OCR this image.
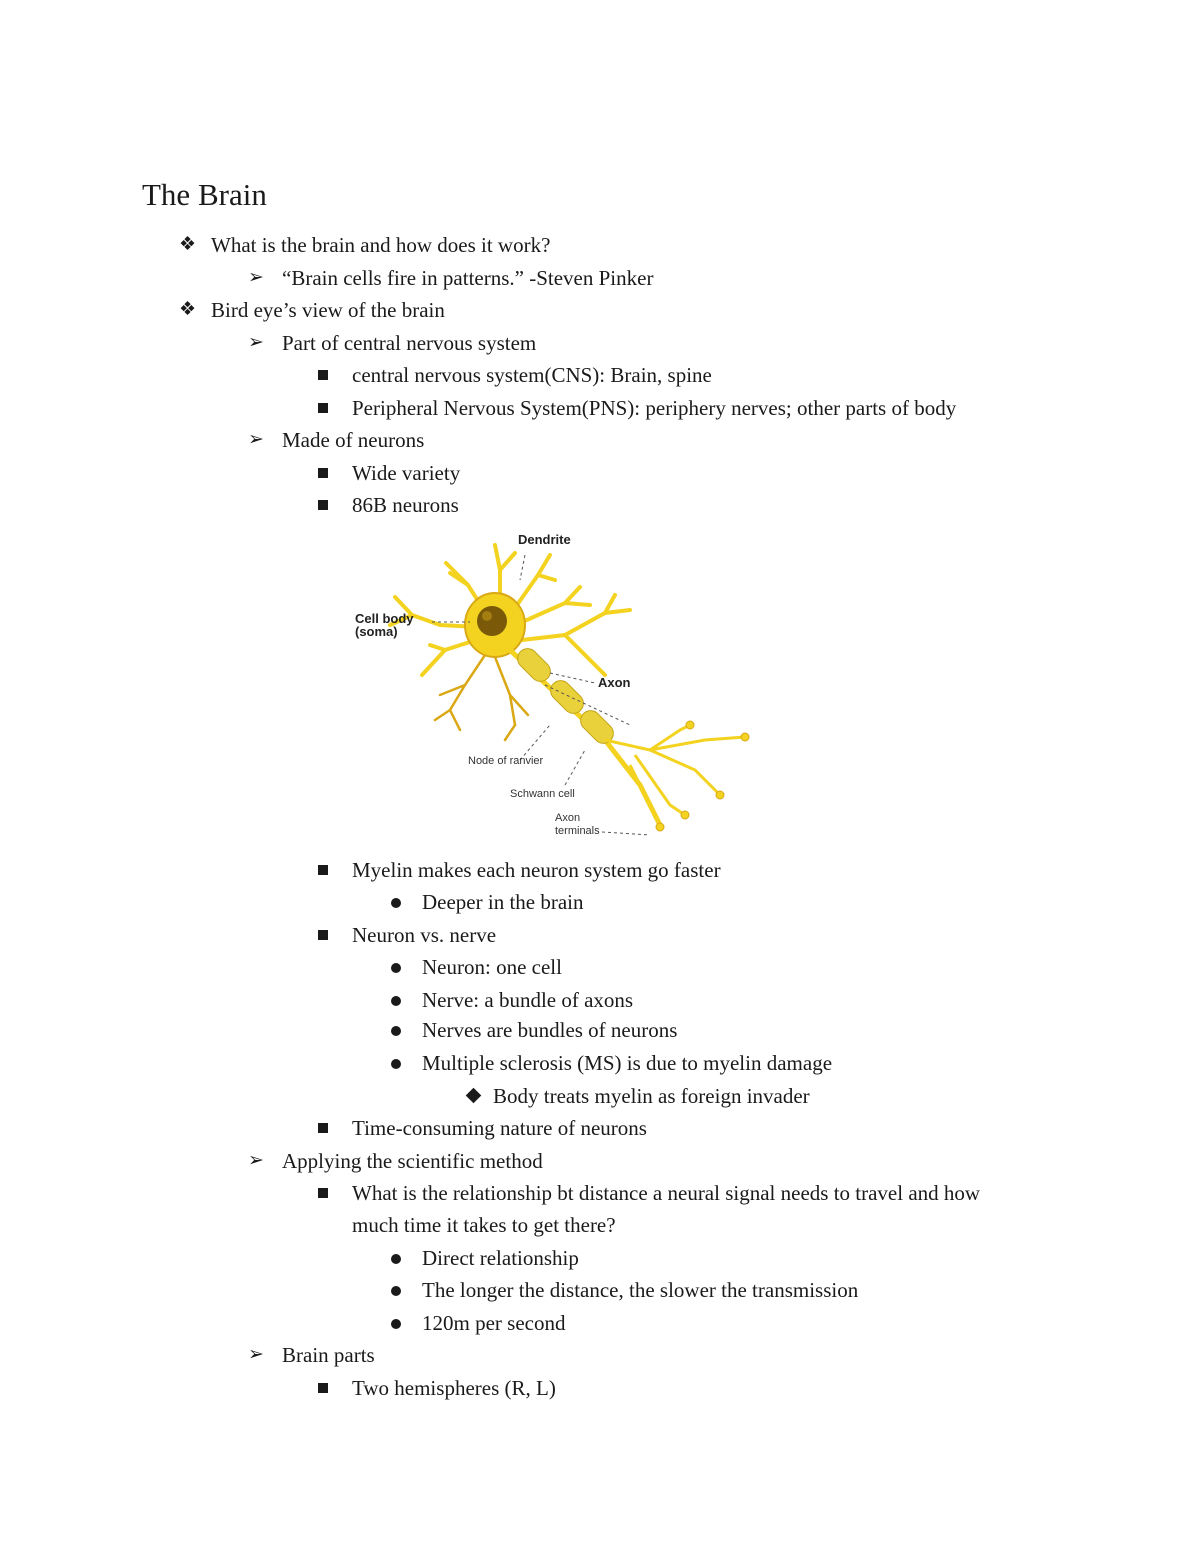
The Brain
❖ What is the brain and how does it work?
➢ “Brain cells fire in patterns.” -Steven Pinker
❖ Bird eye’s view of the brain
➢ Part of central nervous system
central nervous system(CNS): Brain, spine
Peripheral Nervous System(PNS): periphery nerves; other parts of body
➢ Made of neurons
Wide variety
86B neurons
Dendrite
Cell body
(soma)
Axon
Node of ranvier
Schwann cell
Axon
terminals
Myelin makes each neuron system go faster
Deeper in the brain
Neuron vs. nerve
Neuron: one cell
Nerve: a bundle of axons
Nerves are bundles of neurons
Multiple sclerosis (MS) is due to myelin damage
Body treats myelin as foreign invader
Time-consuming nature of neurons
➢ Applying the scientific method
What is the relationship bt distance a neural signal needs to travel and how
much time it takes to get there?
Direct relationship
The longer the distance, the slower the transmission
120m per second
➢ Brain parts
Two hemispheres (R, L)
